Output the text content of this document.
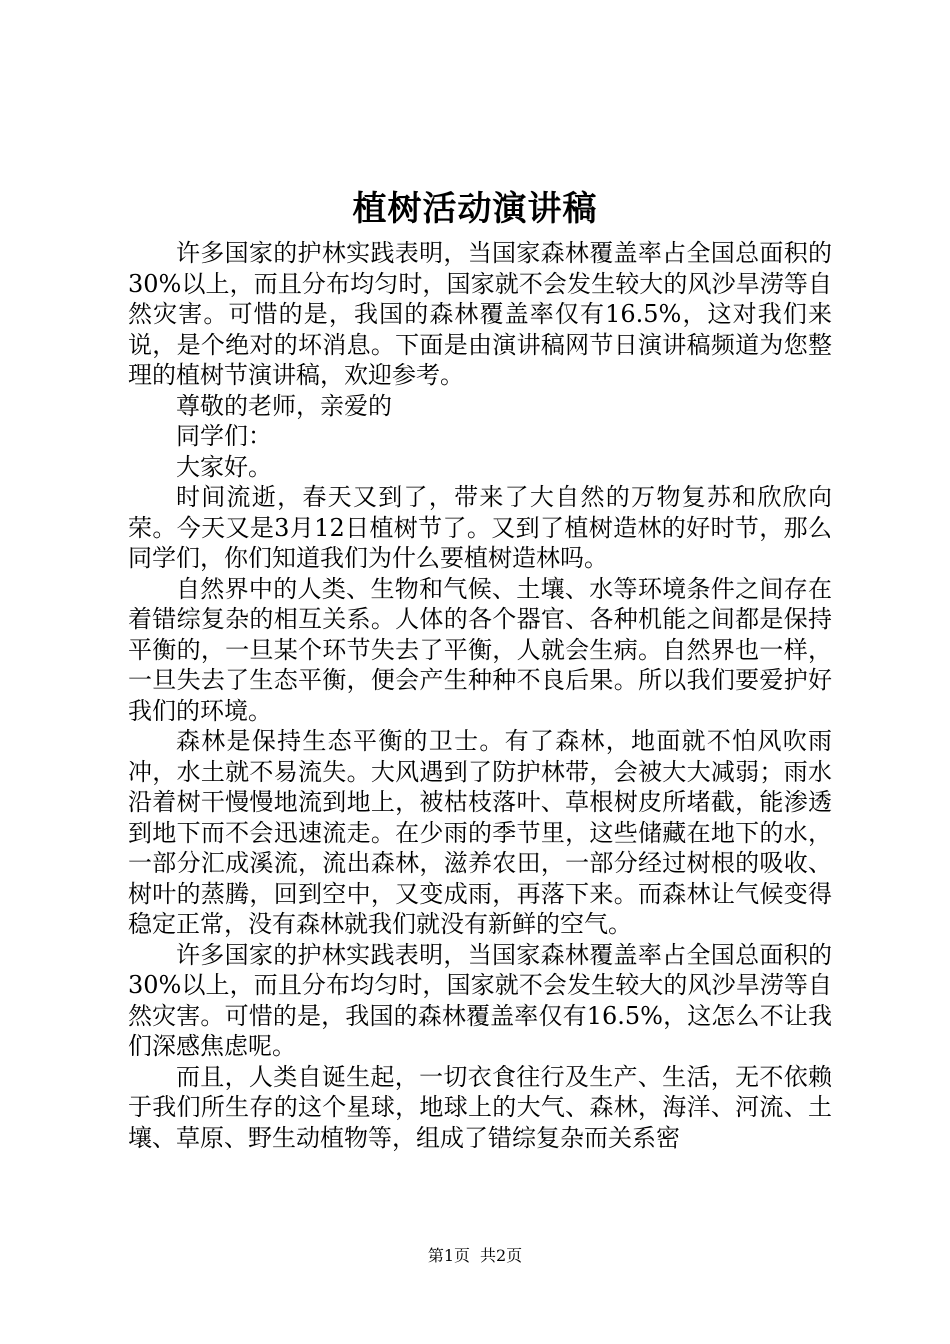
植树活动演讲稿

许多国家的护林实践表明，当国家森林覆盖率占全国总面积的30%以上，而且分布均匀时，国家就不会发生较大的风沙旱涝等自然灾害。可惜的是，我国的森林覆盖率仅有16.5%，这对我们来说，是个绝对的坏消息。下面是由演讲稿网节日演讲稿频道为您整理的植树节演讲稿，欢迎参考。

尊敬的老师，亲爱的

同学们：

大家好。

时间流逝，春天又到了，带来了大自然的万物复苏和欣欣向荣。今天又是3月12日植树节了。又到了植树造林的好时节，那么同学们，你们知道我们为什么要植树造林吗。

自然界中的人类、生物和气候、土壤、水等环境条件之间存在着错综复杂的相互关系。人体的各个器官、各种机能之间都是保持平衡的，一旦某个环节失去了平衡，人就会生病。自然界也一样，一旦失去了生态平衡，便会产生种种不良后果。所以我们要爱护好我们的环境。

森林是保持生态平衡的卫士。有了森林，地面就不怕风吹雨冲，水土就不易流失。大风遇到了防护林带，会被大大减弱；雨水沿着树干慢慢地流到地上，被枯枝落叶、草根树皮所堵截，能渗透到地下而不会迅速流走。在少雨的季节里，这些储藏在地下的水，一部分汇成溪流，流出森林，滋养农田，一部分经过树根的吸收、树叶的蒸腾，回到空中，又变成雨，再落下来。而森林让气候变得稳定正常，没有森林就我们就没有新鲜的空气。

许多国家的护林实践表明，当国家森林覆盖率占全国总面积的30%以上，而且分布均匀时，国家就不会发生较大的风沙旱涝等自然灾害。可惜的是，我国的森林覆盖率仅有16.5%，这怎么不让我们深感焦虑呢。

而且，人类自诞生起，一切衣食往行及生产、生活，无不依赖于我们所生存的这个星球，地球上的大气、森林，海洋、河流、土壤、草原、野生动植物等，组成了错综复杂而关系密

第1页 共2页
